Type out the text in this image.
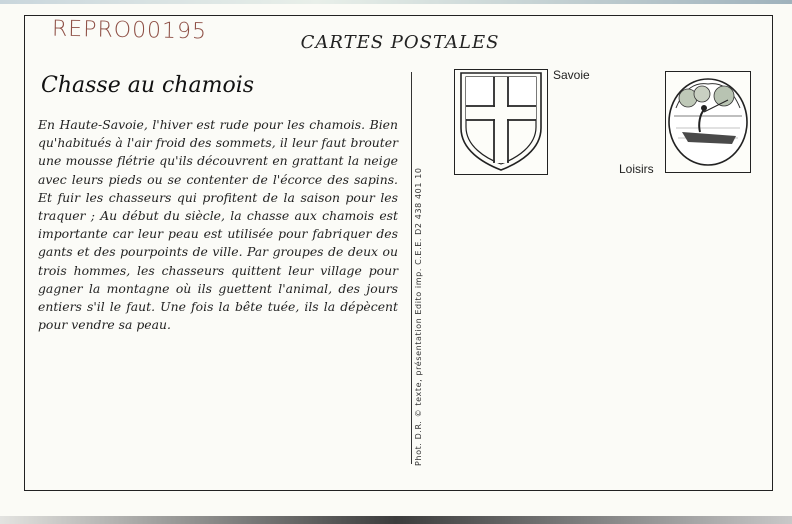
REPRO00195	CARTES POSTALES
Chasse au chamois
En Haute-Savoie, l'hiver est rude pour les chamois. Bien qu'habitués à l'air froid des sommets, il leur faut brouter une mousse flétrie qu'ils découvrent en grattant la neige avec leurs pieds ou se contenter de l'écorce des sapins. Et fuir les chasseurs qui profitent de la saison pour les traquer ; Au début du siècle, la chasse aux chamois est importante car leur peau est utilisée pour fabriquer des gants et des pourpoints de ville. Par groupes de deux ou trois hommes, les chasseurs quittent leur village pour gagner la montagne où ils guettent l'animal, des jours entiers s'il le faut. Une fois la bête tuée, ils la dépècent pour vendre sa peau.	Phot. D.R. © texte, présentation Edito imp. C.E.E. D2 438 401 10
Savoie
Loisirs
